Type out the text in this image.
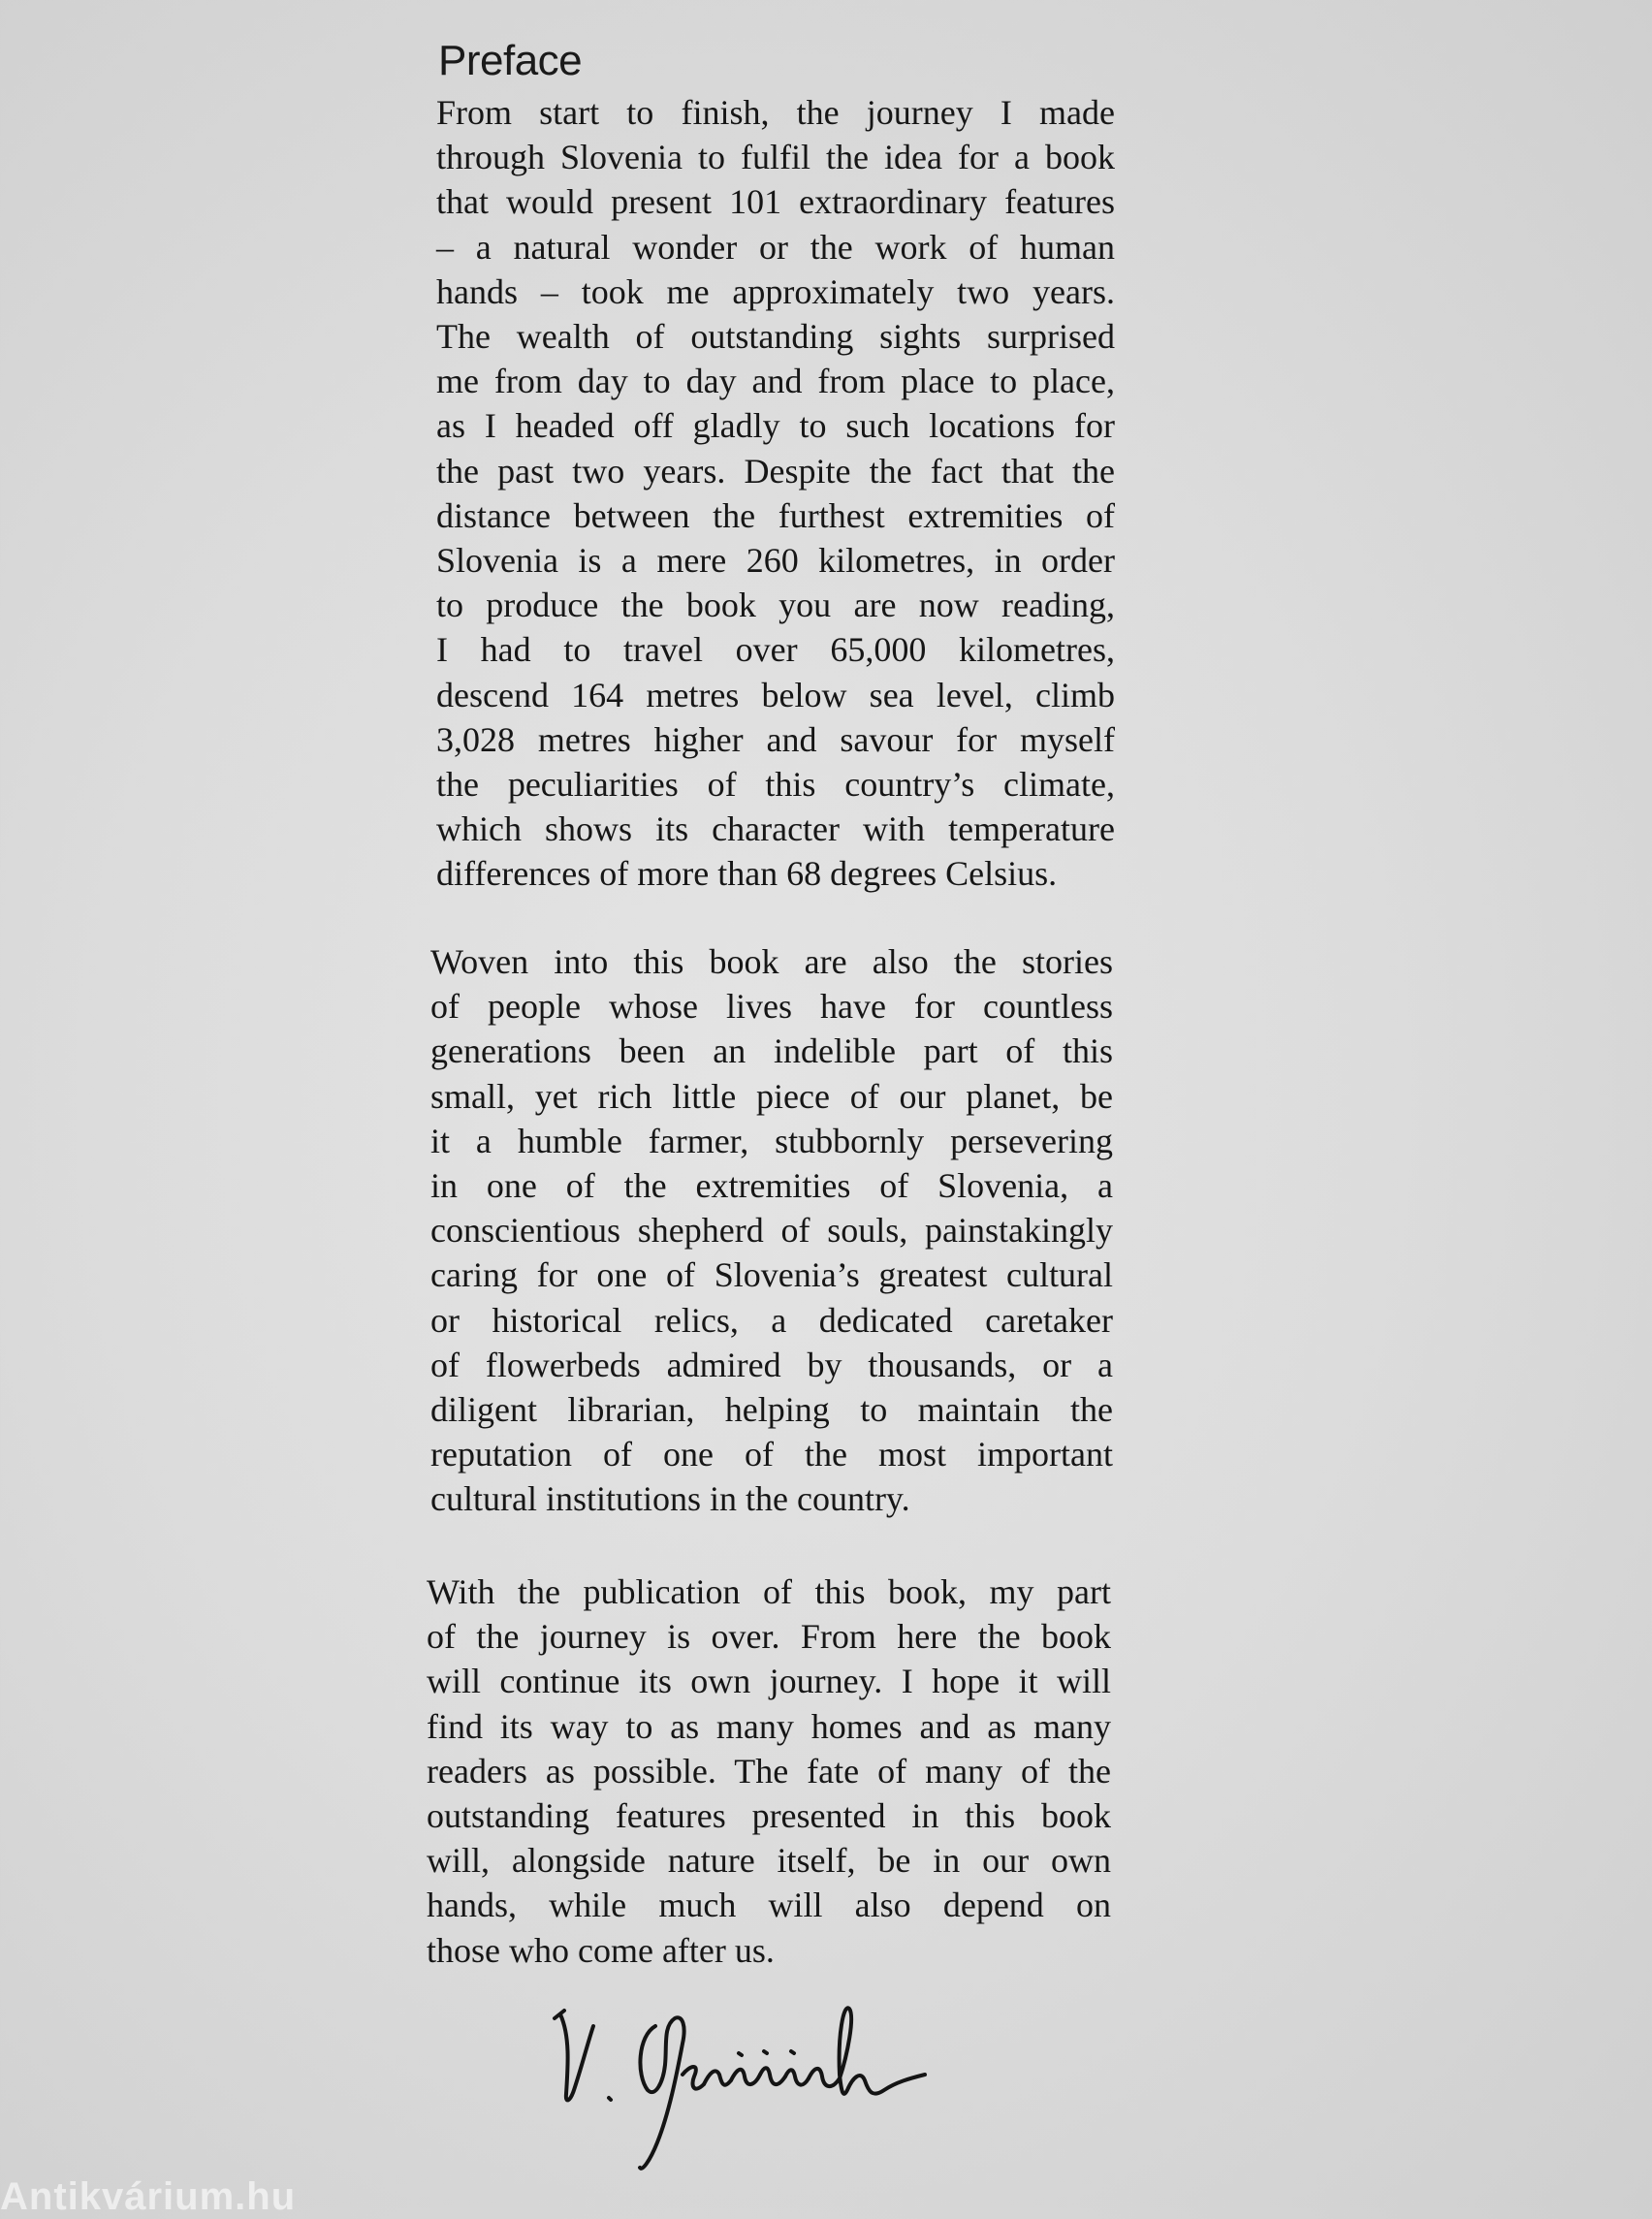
Preface
From start to finish, the journey I made
through Slovenia to fulfil the idea for a book
that would present 101 extraordinary features
– a natural wonder or the work of human
hands – took me approximately two years.
The wealth of outstanding sights surprised
me from day to day and from place to place,
as I headed off gladly to such locations for
the past two years. Despite the fact that the
distance between the furthest extremities of
Slovenia is a mere 260 kilometres, in order
to produce the book you are now reading,
I had to travel over 65,000 kilometres,
descend 164 metres below sea level, climb
3,028 metres higher and savour for myself
the peculiarities of this country’s climate,
which shows its character with temperature
differences of more than 68 degrees Celsius.
Woven into this book are also the stories
of people whose lives have for countless
generations been an indelible part of this
small, yet rich little piece of our planet, be
it a humble farmer, stubbornly persevering
in one of the extremities of Slovenia, a
conscientious shepherd of souls, painstakingly
caring for one of Slovenia’s greatest cultural
or historical relics, a dedicated caretaker
of flowerbeds admired by thousands, or a
diligent librarian, helping to maintain the
reputation of one of the most important
cultural institutions in the country.
With the publication of this book, my part
of the journey is over. From here the book
will continue its own journey. I hope it will
find its way to as many homes and as many
readers as possible. The fate of many of the
outstanding features presented in this book
will, alongside nature itself, be in our own
hands, while much will also depend on
those who come after us.
Antikvárium.hu
